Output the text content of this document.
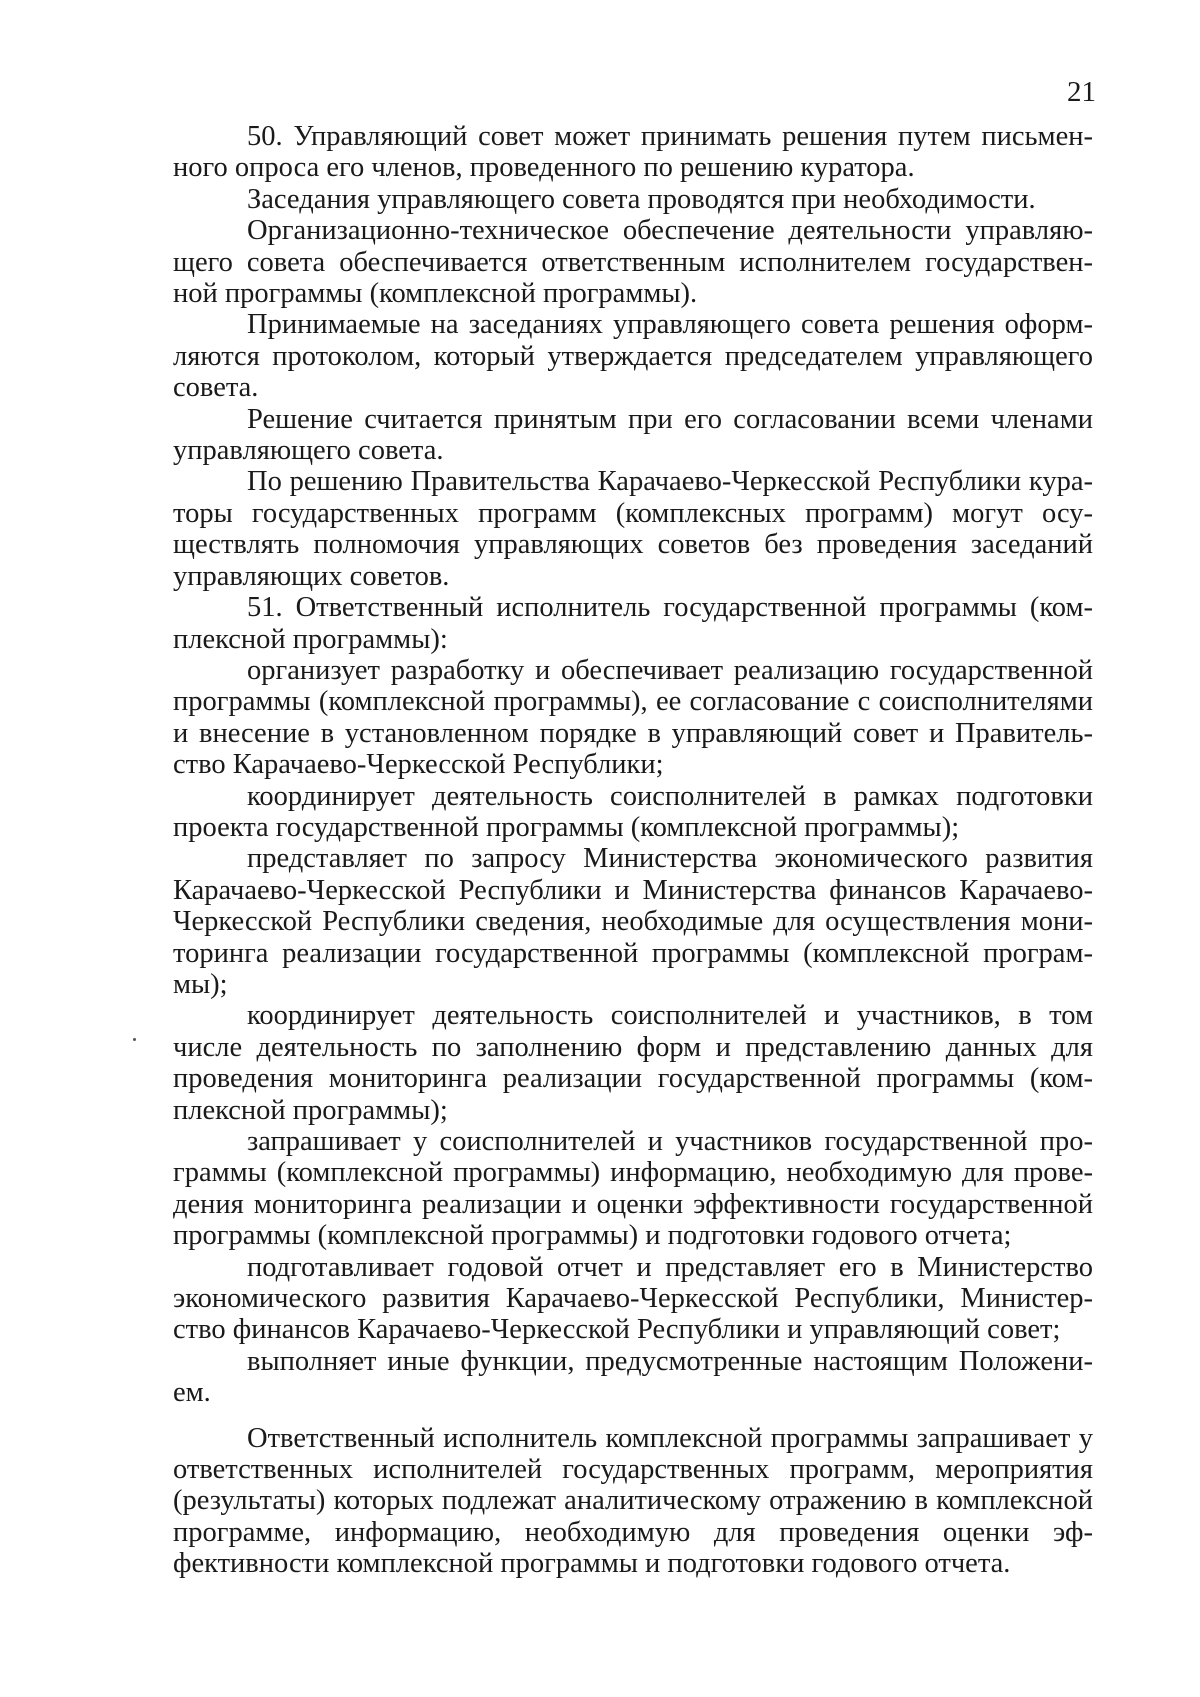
21

50. Управляющий совет может принимать решения путем письменного опроса его членов, проведенного по решению куратора.

Заседания управляющего совета проводятся при необходимости.

Организационно-техническое обеспечение деятельности управляющего совета обеспечивается ответственным исполнителем государственной программы (комплексной программы).

Принимаемые на заседаниях управляющего совета решения оформляются протоколом, который утверждается председателем управляющего совета.

Решение считается принятым при его согласовании всеми членами управляющего совета.

По решению Правительства Карачаево-Черкесской Республики кураторы государственных программ (комплексных программ) могут осуществлять полномочия управляющих советов без проведения заседаний управляющих советов.

51. Ответственный исполнитель государственной программы (комплексной программы):

организует разработку и обеспечивает реализацию государственной программы (комплексной программы), ее согласование с соисполнителями и внесение в установленном порядке в управляющий совет и Правительство Карачаево-Черкесской Республики;

координирует деятельность соисполнителей в рамках подготовки проекта государственной программы (комплексной программы);

представляет по запросу Министерства экономического развития Карачаево-Черкесской Республики и Министерства финансов Карачаево-Черкесской Республики сведения, необходимые для осуществления мониторинга реализации государственной программы (комплексной программы);

координирует деятельность соисполнителей и участников, в том числе деятельность по заполнению форм и представлению данных для проведения мониторинга реализации государственной программы (комплексной программы);

запрашивает у соисполнителей и участников государственной программы (комплексной программы) информацию, необходимую для проведения мониторинга реализации и оценки эффективности государственной программы (комплексной программы) и подготовки годового отчета;

подготавливает годовой отчет и представляет его в Министерство экономического развития Карачаево-Черкесской Республики, Министерство финансов Карачаево-Черкесской Республики и управляющий совет;

выполняет иные функции, предусмотренные настоящим Положением.

Ответственный исполнитель комплексной программы запрашивает у ответственных исполнителей государственных программ, мероприятия (результаты) которых подлежат аналитическому отражению в комплексной программе, информацию, необходимую для проведения оценки эффективности комплексной программы и подготовки годового отчета.
